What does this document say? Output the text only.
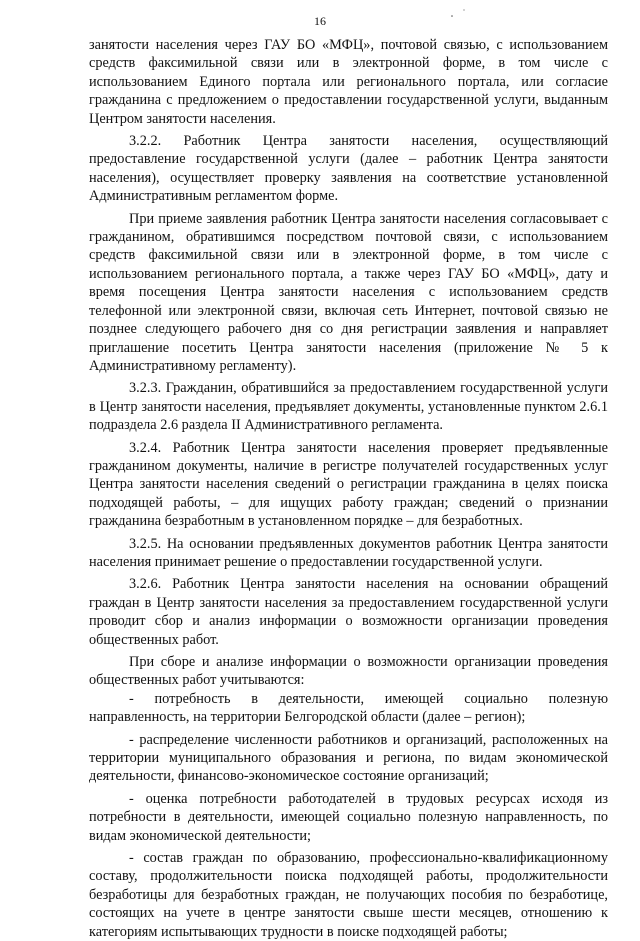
16

занятости населения через ГАУ БО «МФЦ», почтовой связью, с использованием средств факсимильной связи или в электронной форме, в том числе с использованием Единого портала или регионального портала, или согласие гражданина с предложением о предоставлении государственной услуги, выданным Центром занятости населения.

3.2.2. Работник Центра занятости населения, осуществляющий предоставление государственной услуги (далее – работник Центра занятости населения), осуществляет проверку заявления на соответствие установленной Административным регламентом форме.

При приеме заявления работник Центра занятости населения согласовывает с гражданином, обратившимся посредством почтовой связи, с использованием средств факсимильной связи или в электронной форме, в том числе с использованием регионального портала, а также через ГАУ БО «МФЦ», дату и время посещения Центра занятости населения с использованием средств телефонной или электронной связи, включая сеть Интернет, почтовой связью не позднее следующего рабочего дня со дня регистрации заявления и направляет приглашение посетить Центра занятости населения (приложение № 5 к Административному регламенту).

3.2.3. Гражданин, обратившийся за предоставлением государственной услуги в Центр занятости населения, предъявляет документы, установленные пунктом 2.6.1 подраздела 2.6 раздела II Административного регламента.

3.2.4. Работник Центра занятости населения проверяет предъявленные гражданином документы, наличие в регистре получателей государственных услуг Центра занятости населения сведений о регистрации гражданина в целях поиска подходящей работы, – для ищущих работу граждан; сведений о признании гражданина безработным в установленном порядке – для безработных.

3.2.5. На основании предъявленных документов работник Центра занятости населения принимает решение о предоставлении государственной услуги.

3.2.6. Работник Центра занятости населения на основании обращений граждан в Центр занятости населения за предоставлением государственной услуги проводит сбор и анализ информации о возможности организации проведения общественных работ.

При сборе и анализе информации о возможности организации проведения общественных работ учитываются:

- потребность в деятельности, имеющей социально полезную направленность, на территории Белгородской области (далее – регион);

- распределение численности работников и организаций, расположенных на территории муниципального образования и региона, по видам экономической деятельности, финансово-экономическое состояние организаций;

- оценка потребности работодателей в трудовых ресурсах исходя из потребности в деятельности, имеющей социально полезную направленность, по видам экономической деятельности;

- состав граждан по образованию, профессионально-квалификационному составу, продолжительности поиска подходящей работы, продолжительности безработицы для безработных граждан, не получающих пособия по безработице, состоящих на учете в центре занятости свыше шести месяцев, отношению к категориям испытывающих трудности в поиске подходящей работы;
